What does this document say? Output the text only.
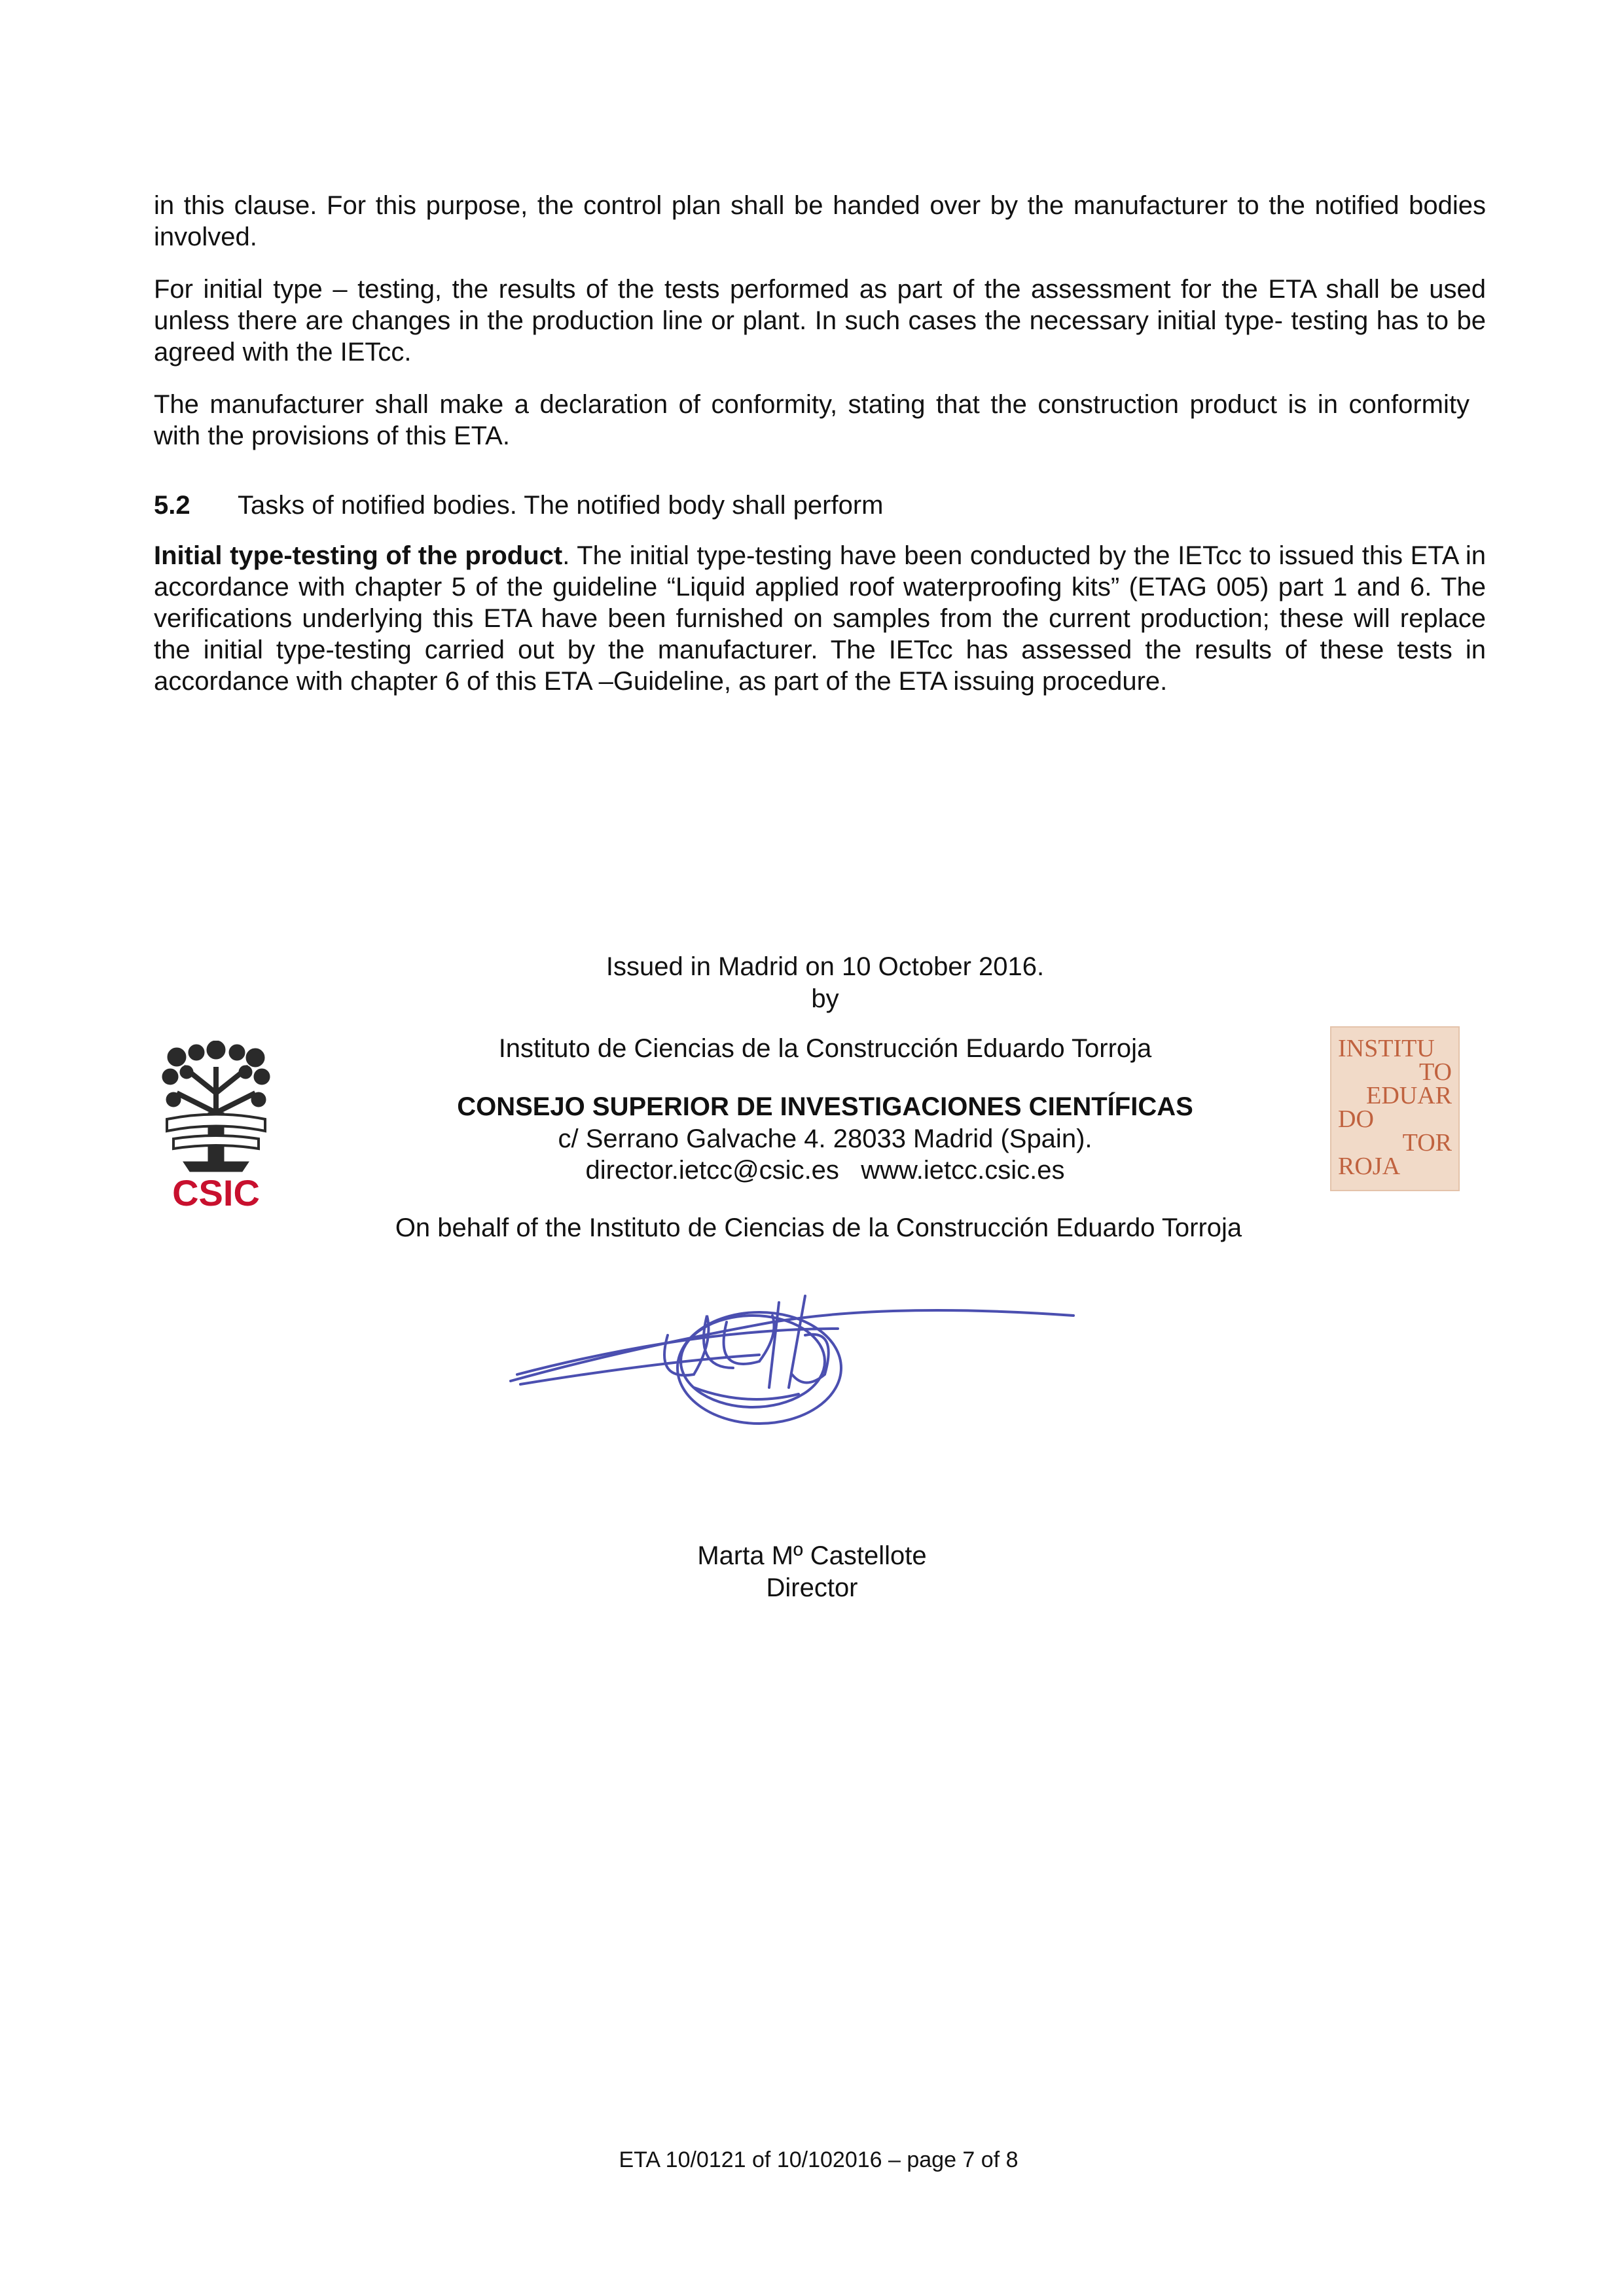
in this clause. For this purpose, the control plan shall be handed over by the manufacturer to the notified bodies involved.

For initial type – testing, the results of the tests performed as part of the assessment for the ETA shall be used unless there are changes in the production line or plant. In such cases the necessary initial type- testing has to be agreed with the IETcc.

The manufacturer shall make a declaration of conformity, stating that the construction product is in conformity with the provisions of this ETA.

5.2 Tasks of notified bodies. The notified body shall perform

Initial type-testing of the product. The initial type-testing have been conducted by the IETcc to issued this ETA in accordance with chapter 5 of the guideline “Liquid applied roof waterproofing kits” (ETAG 005) part 1 and 6. The verifications underlying this ETA have been furnished on samples from the current production; these will replace the initial type-testing carried out by the manufacturer. The IETcc has assessed the results of these tests in accordance with chapter 6 of this ETA –Guideline, as part of the ETA issuing procedure.

Issued in Madrid on 10 October 2016.

by

Instituto de Ciencias de la Construcción Eduardo Torroja

CONSEJO SUPERIOR DE INVESTIGACIONES CIENTÍFICAS

c/ Serrano Galvache 4. 28033 Madrid (Spain).

director.ietcc@csic.es www.ietcc.csic.es

On behalf of the Instituto de Ciencias de la Construcción Eduardo Torroja

CSIC
INSTITU
TO
EDUAR
DO
TOR
ROJA

Marta Mº Castellote

Director

ETA 10/0121 of 10/102016 – page 7 of 8
